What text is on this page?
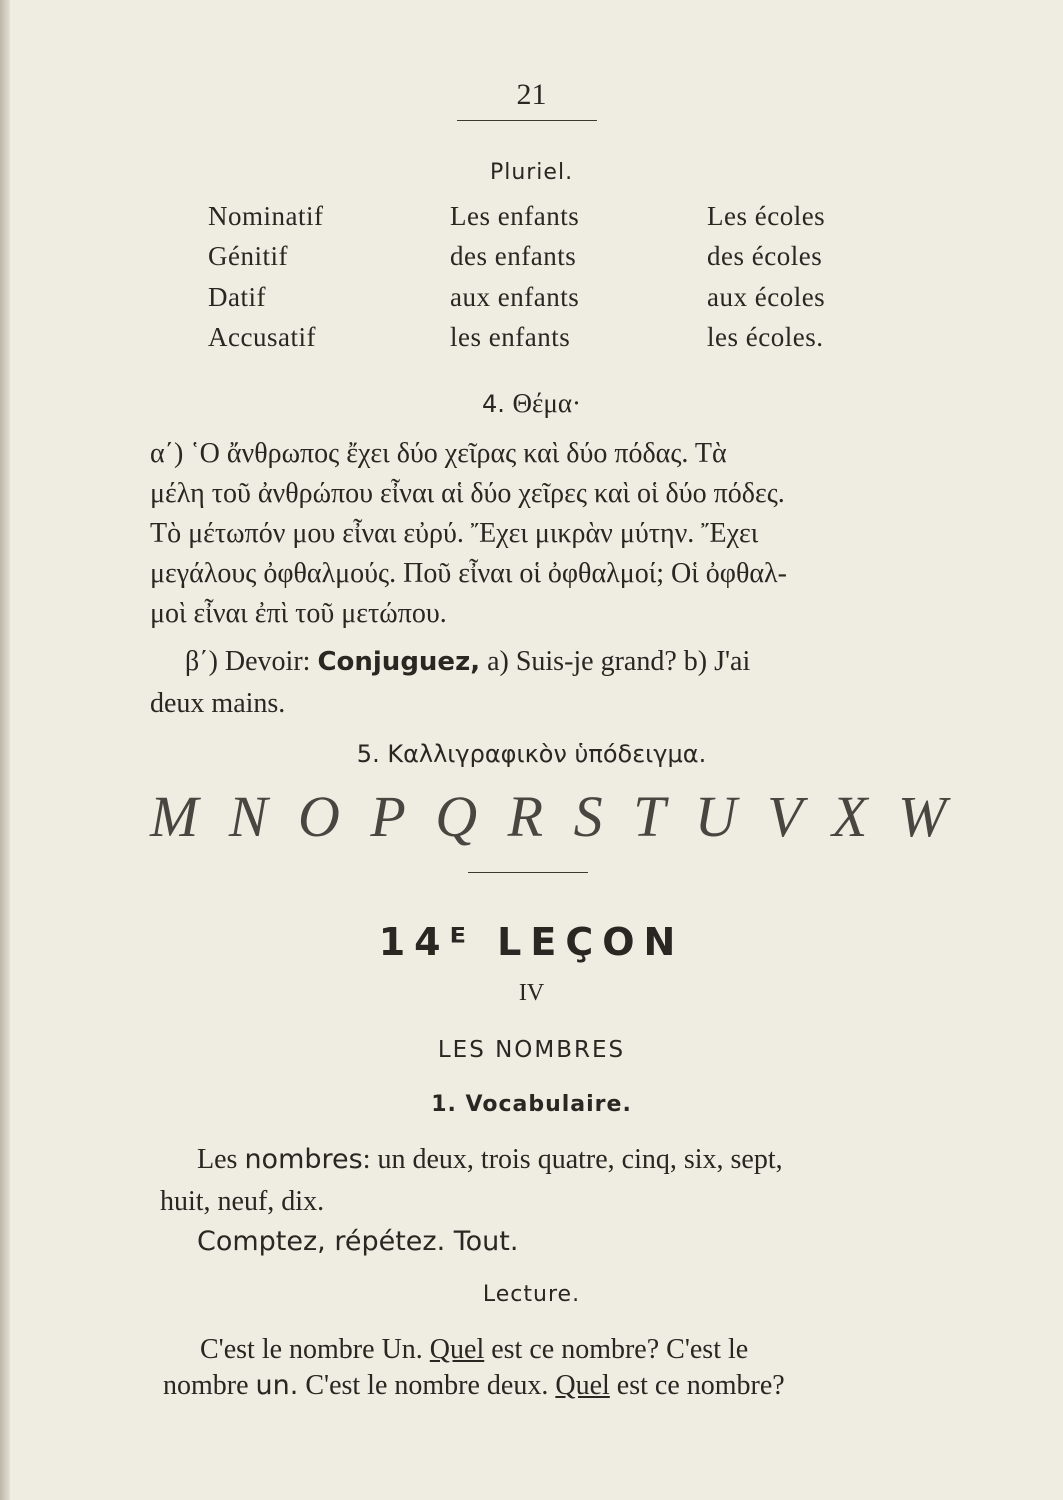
21
Pluriel.
Nominatif	Les enfants	Les écoles
Génitif	des enfants	des écoles
Datif	aux enfants	aux écoles
Accusatif	les enfants	les écoles.
4. Θέμα·
α΄) ῾Ο ἄνθρωπος ἔχει δύο χεῖρας καὶ δύο πόδας. Τὰ
μέλη τοῦ ἀνθρώπου εἶναι αἱ δύο χεῖρες καὶ οἱ δύο πόδες.
Τὸ μέτωπόν μου εἶναι εὐρύ. Ἔχει μικρὰν μύτην. Ἔχει
μεγάλους ὀφθαλμούς. Ποῦ εἶναι οἱ ὀφθαλμοί; Οἱ ὀφθαλ-
μοὶ εἶναι ἐπὶ τοῦ μετώπου.
β΄) Devoir: Conjuguez, a) Suis-je grand? b) J'ai
deux mains.
5. Καλλιγραφικὸν ὑπόδειγμα.
M N O P Q R S T U V X W
14ᴱ LEÇON
IV
LES NOMBRES
1. Vocabulaire.
Les nombres: un deux, trois quatre, cinq, six, sept,
huit, neuf, dix.
Comptez, répétez. Tout.
Lecture.
C'est le nombre Un. Quel est ce nombre? C'est le
nombre un. C'est le nombre deux. Quel est ce nombre?
